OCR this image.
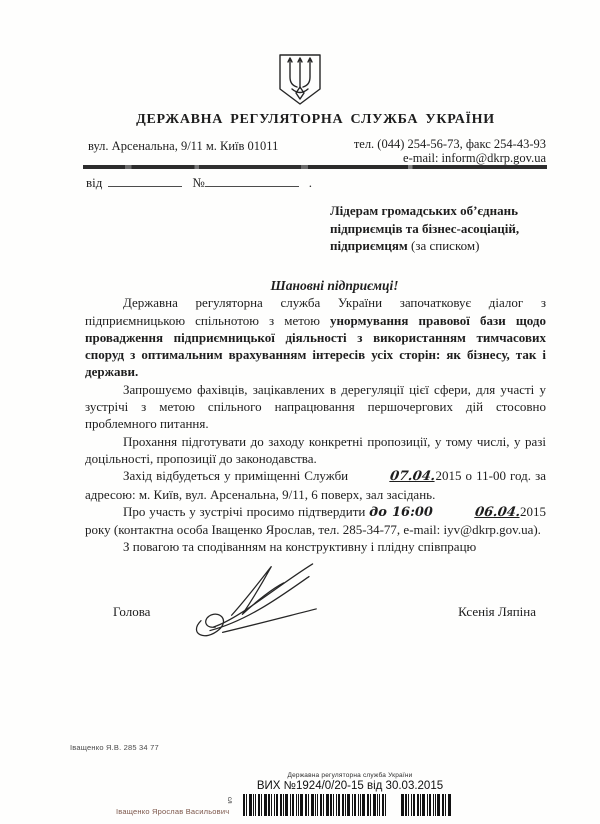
ДЕРЖАВНА РЕГУЛЯТОРНА СЛУЖБА УКРАЇНИ
вул. Арсенальна, 9/11 м. Київ 01011	тел. (044) 254-56-73, факс 254-43-93
e-mail: inform@dkrp.gov.ua
від	№	.
Лідерам громадських об’єднань
підприємців та бізнес-асоціацій,
підприємцям (за списком)

Шановні підприємці!

Державна регуляторна служба України започатковує діалог з підприємницькою спільнотою з метою унормування правової бази щодо провадження підприємницької діяльності з використанням тимчасових споруд з оптимальним врахуванням інтересів усіх сторін: як бізнесу, так і держави.

Запрошуємо фахівців, зацікавлених в дерегуляції цієї сфери, для участі у зустрічі з метою спільного напрацювання першочергових дій стосовно проблемного питання.

Прохання підготувати до заходу конкретні пропозиції, у тому числі, у разі доцільності, пропозиції до законодавства.

Захід відбудеться у приміщенні Служби	07.04.2015 о 11-00 год. за адресою: м. Київ, вул. Арсенальна, 9/11, 6 поверх, зал засідань.

Про участь у зустрічі просимо підтвердити до 16:00	06.04.2015 року (контактна особа Іващенко Ярослав, тел. 285-34-77, e-mail: iyv@dkrp.gov.ua).

З повагою та сподіванням на конструктивну і плідну співпрацю

Голова	Ксенія Ляпіна
Іващенко Я.В. 285 34 77
Державна регуляторна служба України
ВИХ №1924/0/20-15 від 30.03.2015
сл
Іващенко Ярослав Васильович
